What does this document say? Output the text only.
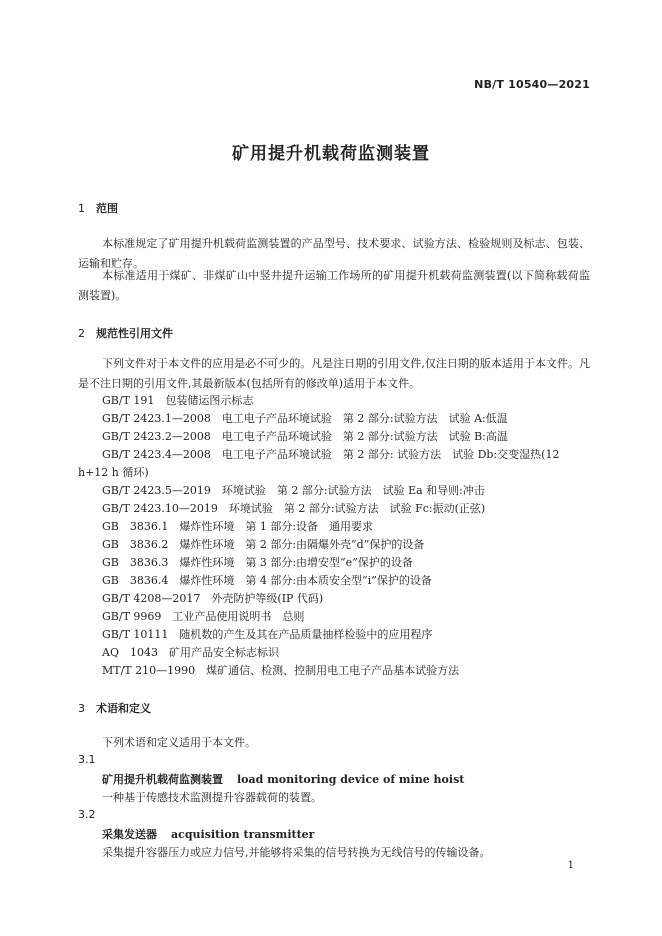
NB/T 10540—2021
矿用提升机载荷监测装置
1 范围
本标准规定了矿用提升机载荷监测装置的产品型号、技术要求、试验方法、检验规则及标志、包装、运输和贮存。
本标准适用于煤矿、非煤矿山中竖井提升运输工作场所的矿用提升机载荷监测装置(以下简称载荷监测装置)。
2 规范性引用文件
下列文件对于本文件的应用是必不可少的。凡是注日期的引用文件,仅注日期的版本适用于本文件。凡是不注日期的引用文件,其最新版本(包括所有的修改单)适用于本文件。
GB/T 191　包装储运图示标志
GB/T 2423.1—2008　电工电子产品环境试验　第 2 部分:试验方法　试验 A:低温
GB/T 2423.2—2008　电工电子产品环境试验　第 2 部分:试验方法　试验 B:高温
GB/T 2423.4—2008　电工电子产品环境试验　第 2 部分: 试验方法　试验 Db:交变湿热(12 h+12 h 循环)
GB/T 2423.5—2019　环境试验　第 2 部分:试验方法　试验 Ea 和导则:冲击
GB/T 2423.10—2019　环境试验　第 2 部分:试验方法　试验 Fc:振动(正弦)
GB　3836.1　爆炸性环境　第 1 部分:设备　通用要求
GB　3836.2　爆炸性环境　第 2 部分:由隔爆外壳“d”保护的设备
GB　3836.3　爆炸性环境　第 3 部分:由增安型“e”保护的设备
GB　3836.4　爆炸性环境　第 4 部分:由本质安全型“i”保护的设备
GB/T 4208—2017　外壳防护等级(IP 代码)
GB/T 9969　工业产品使用说明书　总则
GB/T 10111　随机数的产生及其在产品质量抽样检验中的应用程序
AQ　1043　矿用产品安全标志标识
MT/T 210—1990　煤矿通信、检测、控制用电工电子产品基本试验方法
3 术语和定义
下列术语和定义适用于本文件。
3.1
矿用提升机载荷监测装置 load monitoring device of mine hoist
一种基于传感技术监测提升容器载荷的装置。
3.2
采集发送器 acquisition transmitter
采集提升容器压力或应力信号,并能够将采集的信号转换为无线信号的传输设备。
1
